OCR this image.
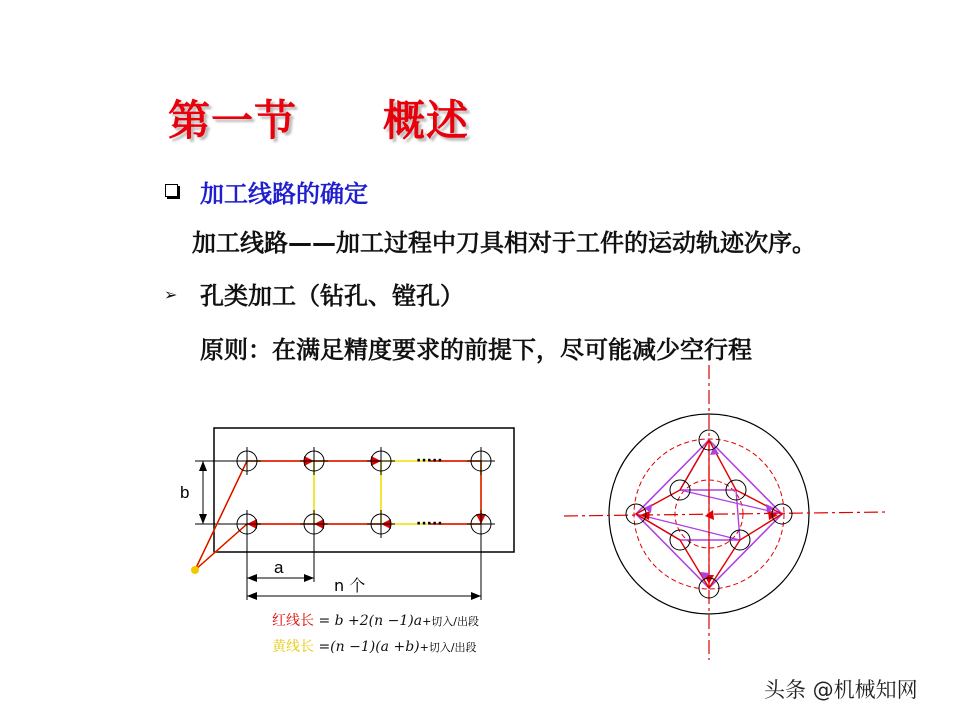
第一节　　概述
加工线路的确定
加工线路——加工过程中刀具相对于工件的运动轨迹次序。
➢ 孔类加工（钻孔、镗孔）
原则：在满足精度要求的前提下，尽可能减少空行程
·····
·····
b
a
n 个
红线长 = b +2(n −1)a+切入/出段
黄线长 =(n −1)(a +b)+切入/出段
头条 @机械知网
